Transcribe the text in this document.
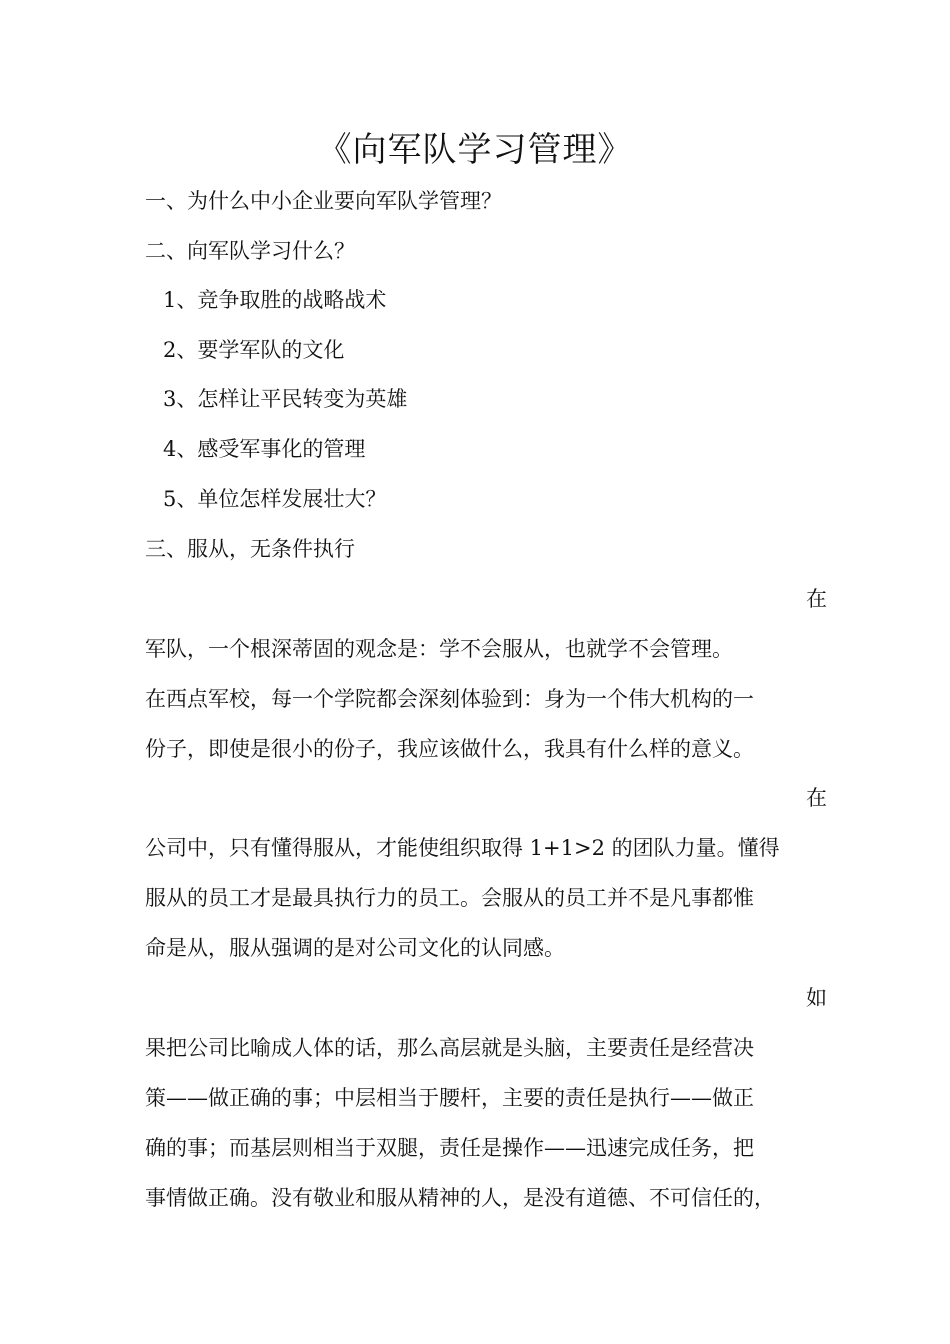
《向军队学习管理》
一、为什么中小企业要向军队学管理？
二、向军队学习什么？
1、竞争取胜的战略战术
2、要学军队的文化
3、怎样让平民转变为英雄
4、感受军事化的管理
5、单位怎样发展壮大？
三、服从，无条件执行
在
军队，一个根深蒂固的观念是：学不会服从，也就学不会管理。
在西点军校，每一个学院都会深刻体验到：身为一个伟大机构的一
份子，即使是很小的份子，我应该做什么，我具有什么样的意义。
在
公司中，只有懂得服从，才能使组织取得 1+1>2 的团队力量。懂得
服从的员工才是最具执行力的员工。会服从的员工并不是凡事都惟
命是从，服从强调的是对公司文化的认同感。
如
果把公司比喻成人体的话，那么高层就是头脑，主要责任是经营决
策——做正确的事；中层相当于腰杆，主要的责任是执行——做正
确的事；而基层则相当于双腿，责任是操作——迅速完成任务，把
事情做正确。没有敬业和服从精神的人，是没有道德、不可信任的，
